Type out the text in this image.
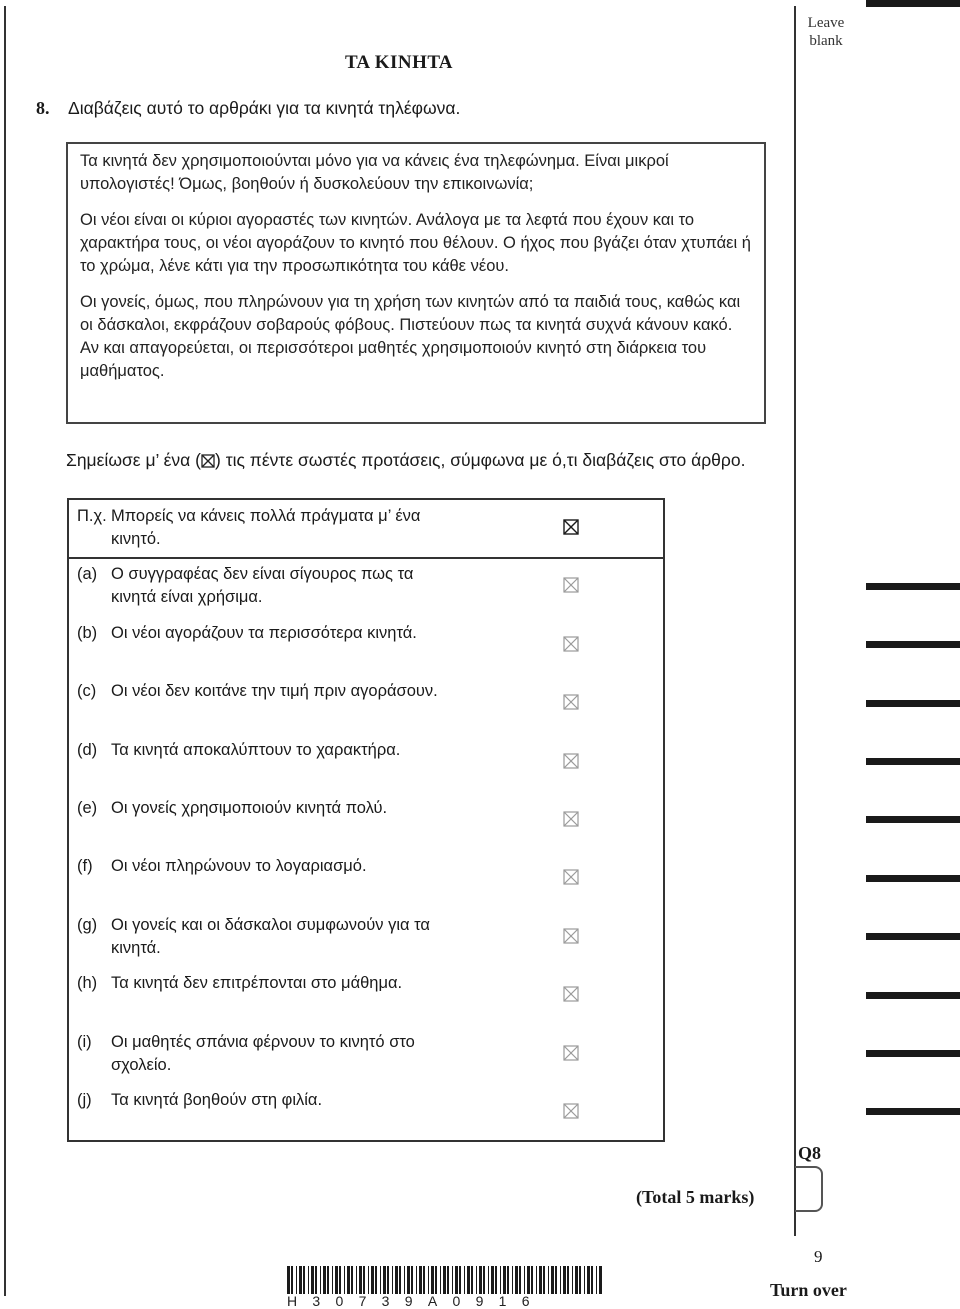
Leave
blank
ΤΑ ΚΙΝΗΤΑ
8. Διαβάζεις αυτό το αρθράκι για τα κινητά τηλέφωνα.

Τα κινητά δεν χρησιμοποιούνται μόνο για να κάνεις ένα τηλεφώνημα. Είναι μικροί υπολογιστές! Όμως, βοηθούν ή δυσκολεύουν την επικοινωνία;

Οι νέοι είναι οι κύριοι αγοραστές των κινητών. Ανάλογα με τα λεφτά που έχουν και το χαρακτήρα τους, οι νέοι αγοράζουν το κινητό που θέλουν. Ο ήχος που βγάζει όταν χτυπάει ή το χρώμα, λένε κάτι για την προσωπικότητα του κάθε νέου.

Οι γονείς, όμως, που πληρώνουν για τη χρήση των κινητών από τα παιδιά τους, καθώς και οι δάσκαλοι, εκφράζουν σοβαρούς φόβους. Πιστεύουν πως τα κινητά συχνά κάνουν κακό. Αν και απαγορεύεται, οι περισσότεροι μαθητές χρησιμοποιούν κινητό στη διάρκεια του μαθήματος.

Σημείωσε μ’ ένα (☒) τις πέντε σωστές προτάσεις, σύμφωνα με ό,τι διαβάζεις στο άρθρο.
Π.χ. Μπορείς να κάνεις πολλά πράγματα μ’ ένα κινητό.
(a) Ο συγγραφέας δεν είναι σίγουρος πως τα κινητά είναι χρήσιμα.
(b) Οι νέοι αγοράζουν τα περισσότερα κινητά.
(c) Οι νέοι δεν κοιτάνε την τιμή πριν αγοράσουν.
(d) Τα κινητά αποκαλύπτουν το χαρακτήρα.
(e) Οι γονείς χρησιμοποιούν κινητά πολύ.
(f) Οι νέοι πληρώνουν το λογαριασμό.
(g) Οι γονείς και οι δάσκαλοι συμφωνούν για τα κινητά.
(h) Τα κινητά δεν επιτρέπονται στο μάθημα.
(i) Οι μαθητές σπάνια φέρνουν το κινητό στο σχολείο.
(j) Τα κινητά βοηθούν στη φιλία.
Q8
(Total 5 marks)
9
Turn over
H30739A0916
